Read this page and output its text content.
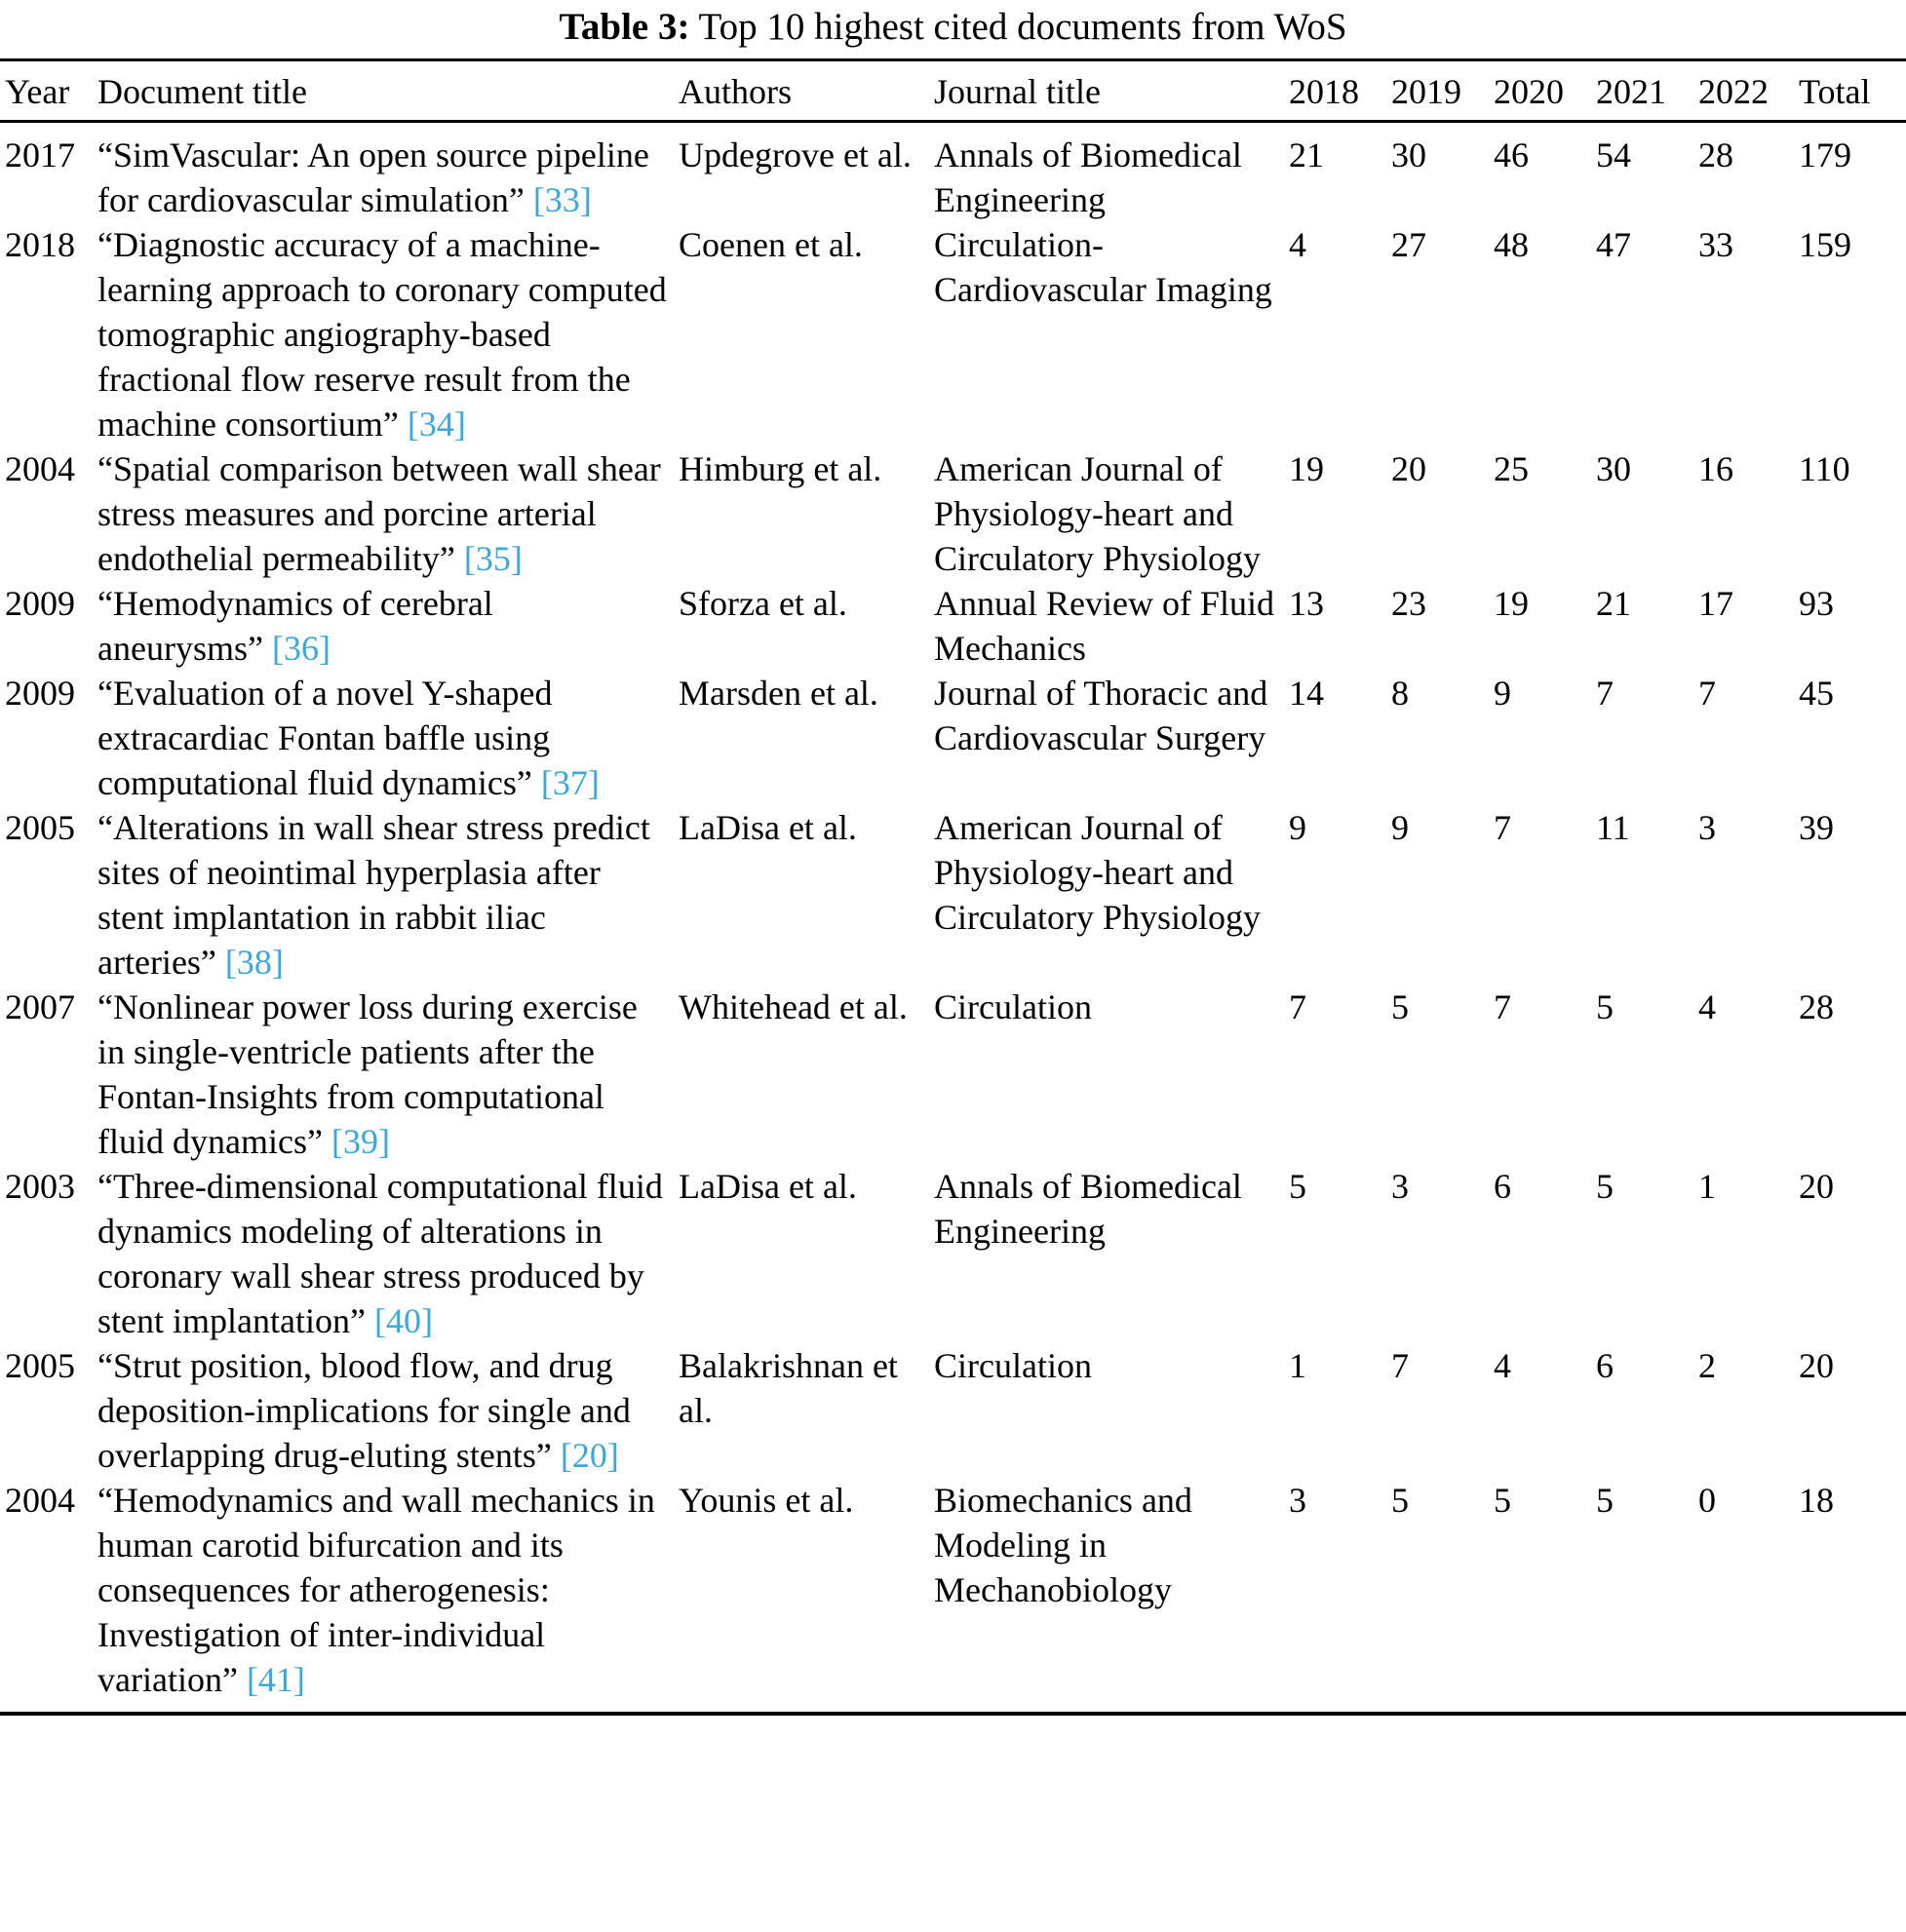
Table 3: Top 10 highest cited documents from WoS
Year	Document title	Authors	Journal title	2018	2019	2020	2021	2022	Total
2017	“SimVascular: An open source pipeline for cardiovascular simulation” [33]	Updegrove et al.	Annals of Biomedical Engineering	21	30	46	54	28	179
2018	“Diagnostic accuracy of a machine-learning approach to coronary computed tomographic angiography-based fractional flow reserve result from the machine consortium” [34]	Coenen et al.	Circulation-Cardiovascular Imaging	4	27	48	47	33	159
2004	“Spatial comparison between wall shear stress measures and porcine arterial endothelial permeability” [35]	Himburg et al.	American Journal of Physiology-heart and Circulatory Physiology	19	20	25	30	16	110
2009	“Hemodynamics of cerebral aneurysms” [36]	Sforza et al.	Annual Review of Fluid Mechanics	13	23	19	21	17	93
2009	“Evaluation of a novel Y-shaped extracardiac Fontan baffle using computational fluid dynamics” [37]	Marsden et al.	Journal of Thoracic and Cardiovascular Surgery	14	8	9	7	7	45
2005	“Alterations in wall shear stress predict sites of neointimal hyperplasia after stent implantation in rabbit iliac arteries” [38]	LaDisa et al.	American Journal of Physiology-heart and Circulatory Physiology	9	9	7	11	3	39
2007	“Nonlinear power loss during exercise in single-ventricle patients after the Fontan-Insights from computational fluid dynamics” [39]	Whitehead et al.	Circulation	7	5	7	5	4	28
2003	“Three-dimensional computational fluid dynamics modeling of alterations in coronary wall shear stress produced by stent implantation” [40]	LaDisa et al.	Annals of Biomedical Engineering	5	3	6	5	1	20
2005	“Strut position, blood flow, and drug deposition-implications for single and overlapping drug-eluting stents” [20]	Balakrishnan et al.	Circulation	1	7	4	6	2	20
2004	“Hemodynamics and wall mechanics in human carotid bifurcation and its consequences for atherogenesis: Investigation of inter-individual variation” [41]	Younis et al.	Biomechanics and Modeling in Mechanobiology	3	5	5	5	0	18
